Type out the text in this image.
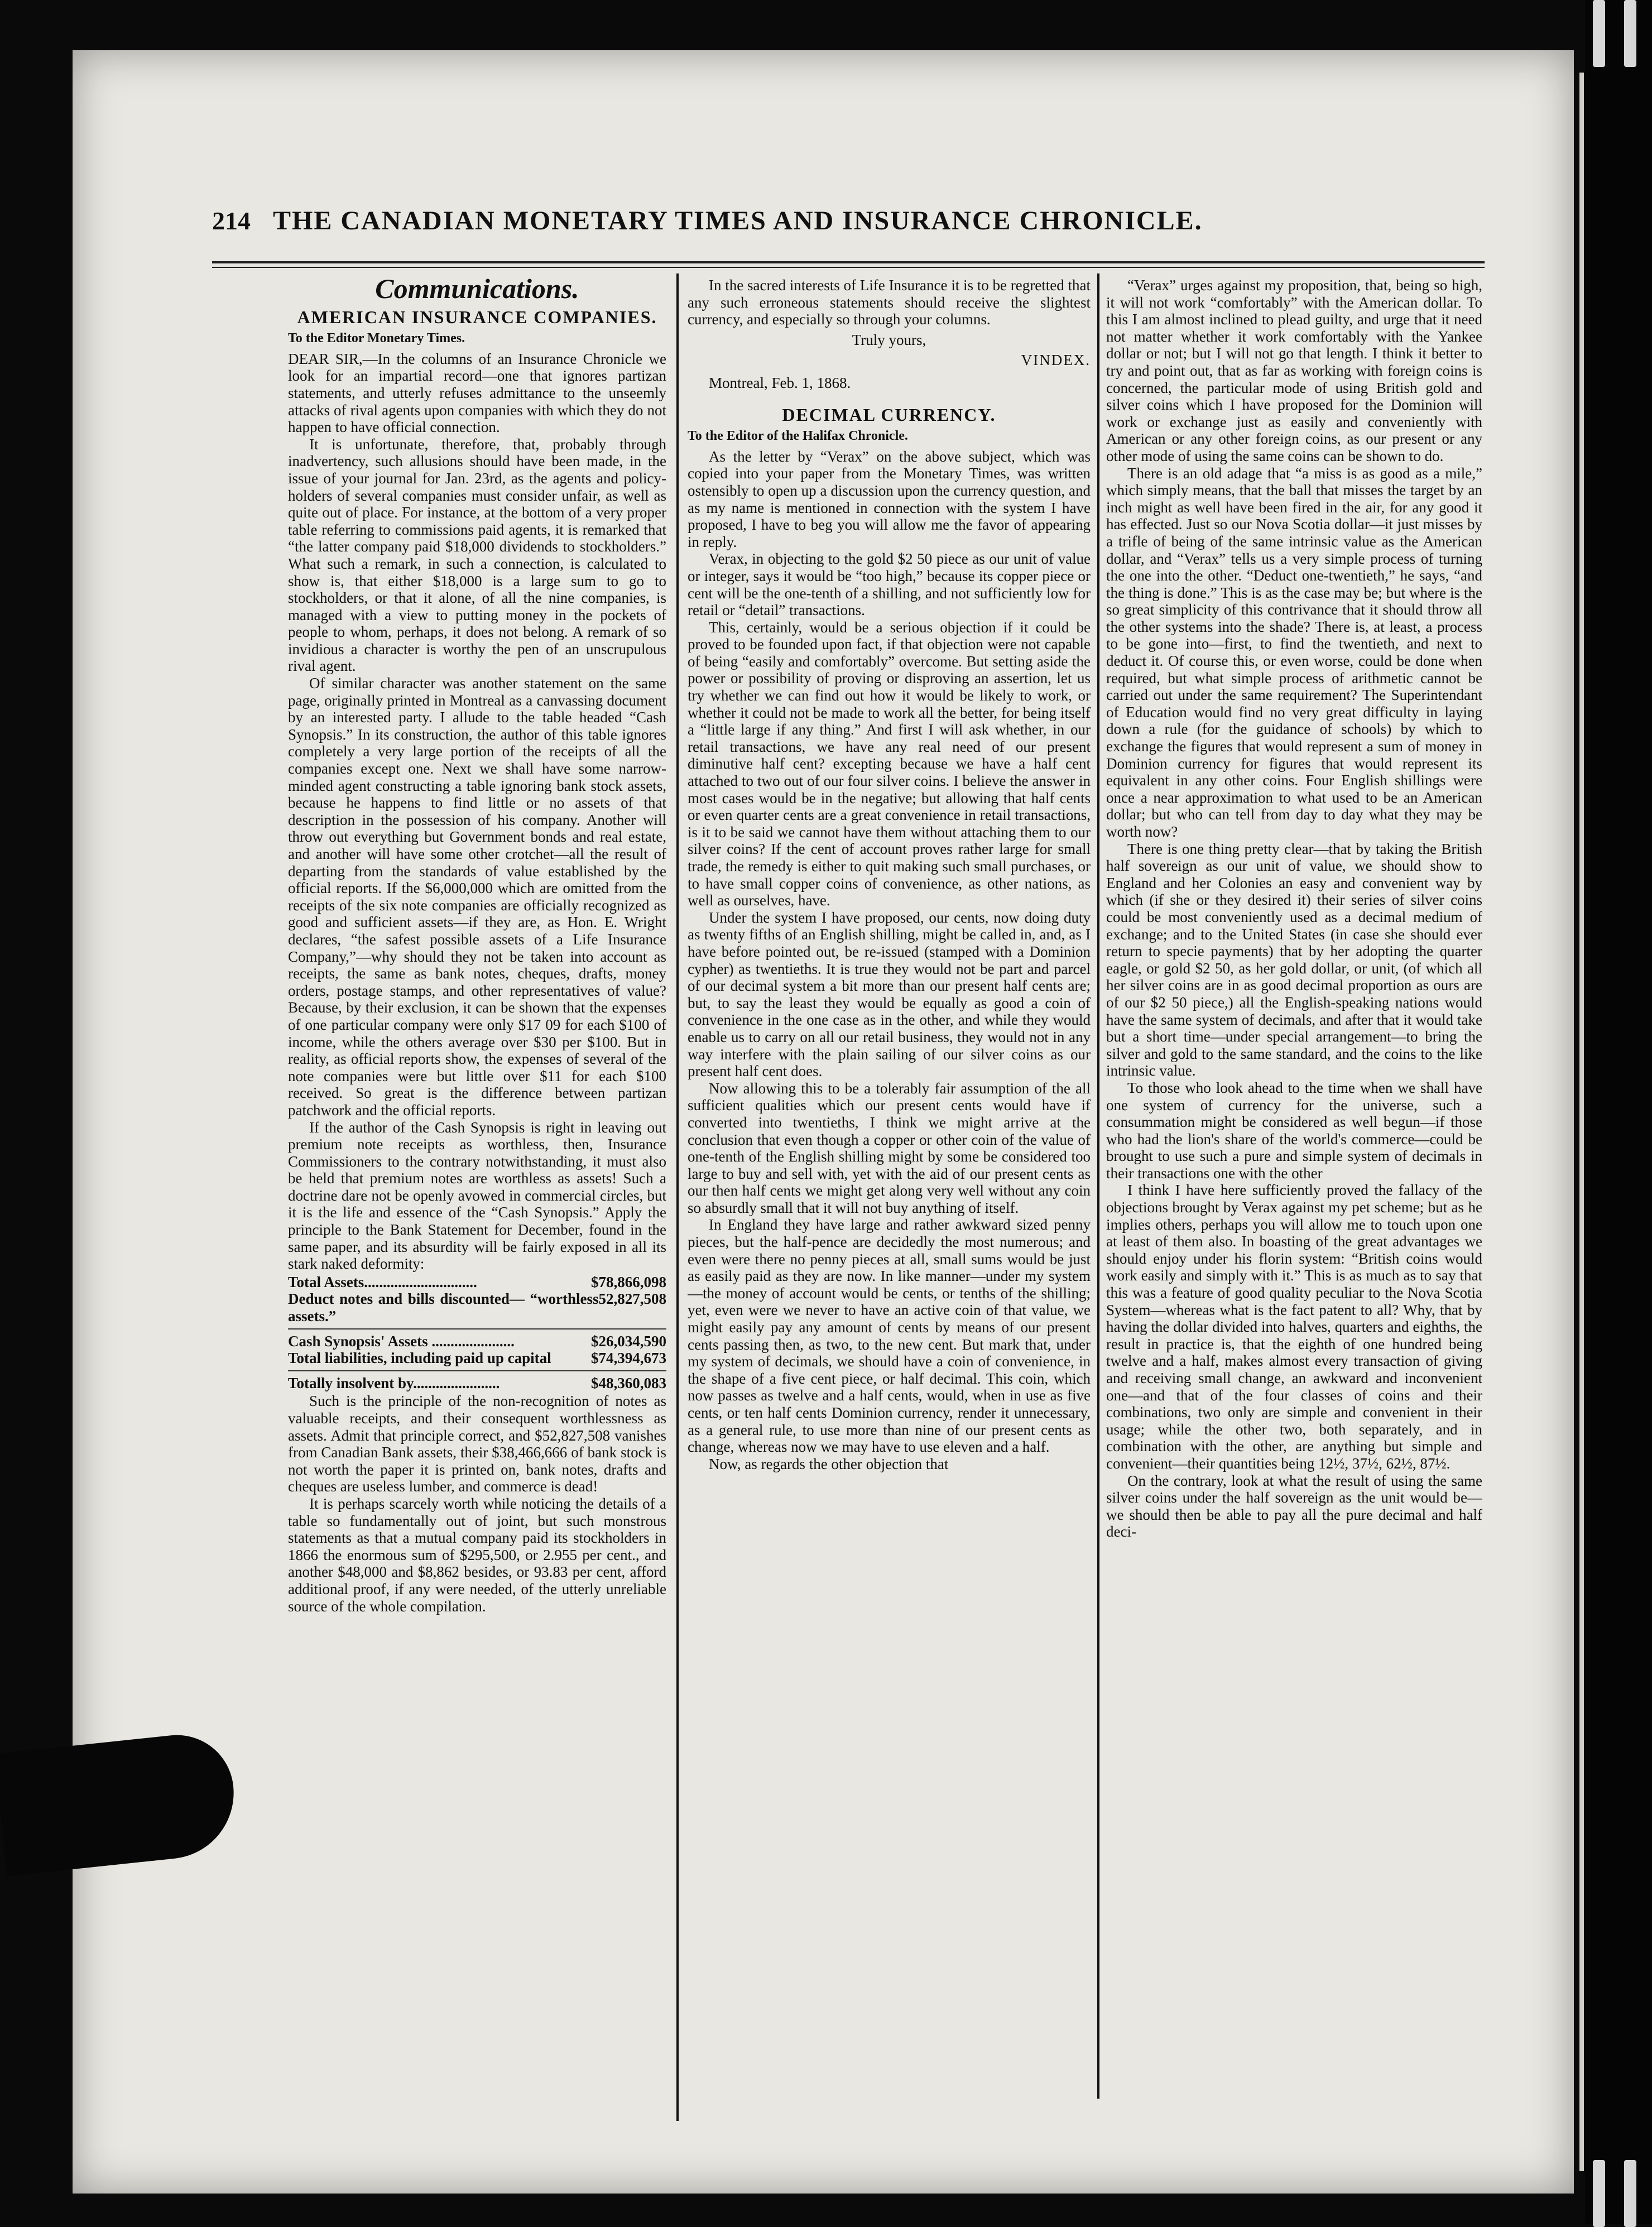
214 THE CANADIAN MONETARY TIMES AND INSURANCE CHRONICLE.
Communications.
AMERICAN INSURANCE COMPANIES.
To the Editor Monetary Times.

DEAR SIR,—In the columns of an Insurance Chronicle we look for an impartial record—one that ignores partizan statements, and utterly refuses admittance to the unseemly attacks of rival agents upon companies with which they do not happen to have official connection.

It is unfortunate, therefore, that, probably through inadvertency, such allusions should have been made, in the issue of your journal for Jan. 23rd, as the agents and policy-holders of several companies must consider unfair, as well as quite out of place. For instance, at the bottom of a very proper table referring to commissions paid agents, it is remarked that “the latter company paid $18,000 dividends to stockholders.” What such a remark, in such a connection, is calculated to show is, that either $18,000 is a large sum to go to stockholders, or that it alone, of all the nine companies, is managed with a view to putting money in the pockets of people to whom, perhaps, it does not belong. A remark of so invidious a character is worthy the pen of an unscrupulous rival agent.

Of similar character was another statement on the same page, originally printed in Montreal as a canvassing document by an interested party. I allude to the table headed “Cash Synopsis.” In its construction, the author of this table ignores completely a very large portion of the receipts of all the companies except one. Next we shall have some narrow-minded agent constructing a table ignoring bank stock assets, because he happens to find little or no assets of that description in the possession of his company. Another will throw out everything but Government bonds and real estate, and another will have some other crotchet—all the result of departing from the standards of value established by the official reports. If the $6,000,000 which are omitted from the receipts of the six note companies are officially recognized as good and sufficient assets—if they are, as Hon. E. Wright declares, “the safest possible assets of a Life Insurance Company,”—why should they not be taken into account as receipts, the same as bank notes, cheques, drafts, money orders, postage stamps, and other representatives of value? Because, by their exclusion, it can be shown that the expenses of one particular company were only $17 09 for each $100 of income, while the others average over $30 per $100. But in reality, as official reports show, the expenses of several of the note companies were but little over $11 for each $100 received. So great is the difference between partizan patchwork and the official reports.

If the author of the Cash Synopsis is right in leaving out premium note receipts as worthless, then, Insurance Commissioners to the contrary notwithstanding, it must also be held that premium notes are worthless as assets! Such a doctrine dare not be openly avowed in commercial circles, but it is the life and essence of the “Cash Synopsis.” Apply the principle to the Bank Statement for December, found in the same paper, and its absurdity will be fairly exposed in all its stark naked deformity:

Total Assets..............................	$78,866,098
Deduct notes and bills discounted— “worthless assets.”
52,827,508
Cash Synopsis' Assets ......................	$26,034,590
Total liabilities, including paid up capital	$74,394,673
Totally insolvent by.......................	$48,360,083

Such is the principle of the non-recognition of notes as valuable receipts, and their consequent worthlessness as assets. Admit that principle correct, and $52,827,508 vanishes from Canadian Bank assets, their $38,466,666 of bank stock is not worth the paper it is printed on, bank notes, drafts and cheques are useless lumber, and commerce is dead!

It is perhaps scarcely worth while noticing the details of a table so fundamentally out of joint, but such monstrous statements as that a mutual company paid its stockholders in 1866 the enormous sum of $295,500, or 2.955 per cent., and another $48,000 and $8,862 besides, or 93.83 per cent, afford additional proof, if any were needed, of the utterly unreliable source of the whole compilation.

In the sacred interests of Life Insurance it is to be regretted that any such erroneous statements should receive the slightest currency, and especially so through your columns.

Truly yours,
VINDEX.
Montreal, Feb. 1, 1868.
DECIMAL CURRENCY.
To the Editor of the Halifax Chronicle.

As the letter by “Verax” on the above subject, which was copied into your paper from the Monetary Times, was written ostensibly to open up a discussion upon the currency question, and as my name is mentioned in connection with the system I have proposed, I have to beg you will allow me the favor of appearing in reply.

Verax, in objecting to the gold $2 50 piece as our unit of value or integer, says it would be “too high,” because its copper piece or cent will be the one-tenth of a shilling, and not sufficiently low for retail or “detail” transactions.

This, certainly, would be a serious objection if it could be proved to be founded upon fact, if that objection were not capable of being “easily and comfortably” overcome. But setting aside the power or possibility of proving or disproving an assertion, let us try whether we can find out how it would be likely to work, or whether it could not be made to work all the better, for being itself a “little large if any thing.” And first I will ask whether, in our retail transactions, we have any real need of our present diminutive half cent? excepting because we have a half cent attached to two out of our four silver coins. I believe the answer in most cases would be in the negative; but allowing that half cents or even quarter cents are a great convenience in retail transactions, is it to be said we cannot have them without attaching them to our silver coins? If the cent of account proves rather large for small trade, the remedy is either to quit making such small purchases, or to have small copper coins of convenience, as other nations, as well as ourselves, have.

Under the system I have proposed, our cents, now doing duty as twenty fifths of an English shilling, might be called in, and, as I have before pointed out, be re-issued (stamped with a Dominion cypher) as twentieths. It is true they would not be part and parcel of our decimal system a bit more than our present half cents are; but, to say the least they would be equally as good a coin of convenience in the one case as in the other, and while they would enable us to carry on all our retail business, they would not in any way interfere with the plain sailing of our silver coins as our present half cent does.

Now allowing this to be a tolerably fair assumption of the all sufficient qualities which our present cents would have if converted into twentieths, I think we might arrive at the conclusion that even though a copper or other coin of the value of one-tenth of the English shilling might by some be considered too large to buy and sell with, yet with the aid of our present cents as our then half cents we might get along very well without any coin so absurdly small that it will not buy anything of itself.

In England they have large and rather awkward sized penny pieces, but the half-pence are decidedly the most numerous; and even were there no penny pieces at all, small sums would be just as easily paid as they are now. In like manner—under my system—the money of account would be cents, or tenths of the shilling; yet, even were we never to have an active coin of that value, we might easily pay any amount of cents by means of our present cents passing then, as two, to the new cent. But mark that, under my system of decimals, we should have a coin of convenience, in the shape of a five cent piece, or half decimal. This coin, which now passes as twelve and a half cents, would, when in use as five cents, or ten half cents Dominion currency, render it unnecessary, as a general rule, to use more than nine of our present cents as change, whereas now we may have to use eleven and a half.

Now, as regards the other objection that

“Verax” urges against my proposition, that, being so high, it will not work “comfortably” with the American dollar. To this I am almost inclined to plead guilty, and urge that it need not matter whether it work comfortably with the Yankee dollar or not; but I will not go that length. I think it better to try and point out, that as far as working with foreign coins is concerned, the particular mode of using British gold and silver coins which I have proposed for the Dominion will work or exchange just as easily and conveniently with American or any other foreign coins, as our present or any other mode of using the same coins can be shown to do.

There is an old adage that “a miss is as good as a mile,” which simply means, that the ball that misses the target by an inch might as well have been fired in the air, for any good it has effected. Just so our Nova Scotia dollar—it just misses by a trifle of being of the same intrinsic value as the American dollar, and “Verax” tells us a very simple process of turning the one into the other. “Deduct one-twentieth,” he says, “and the thing is done.” This is as the case may be; but where is the so great simplicity of this contrivance that it should throw all the other systems into the shade? There is, at least, a process to be gone into—first, to find the twentieth, and next to deduct it. Of course this, or even worse, could be done when required, but what simple process of arithmetic cannot be carried out under the same requirement? The Superintendant of Education would find no very great difficulty in laying down a rule (for the guidance of schools) by which to exchange the figures that would represent a sum of money in Dominion currency for figures that would represent its equivalent in any other coins. Four English shillings were once a near approximation to what used to be an American dollar; but who can tell from day to day what they may be worth now?

There is one thing pretty clear—that by taking the British half sovereign as our unit of value, we should show to England and her Colonies an easy and convenient way by which (if she or they desired it) their series of silver coins could be most conveniently used as a decimal medium of exchange; and to the United States (in case she should ever return to specie payments) that by her adopting the quarter eagle, or gold $2 50, as her gold dollar, or unit, (of which all her silver coins are in as good decimal proportion as ours are of our $2 50 piece,) all the English-speaking nations would have the same system of decimals, and after that it would take but a short time—under special arrangement—to bring the silver and gold to the same standard, and the coins to the like intrinsic value.

To those who look ahead to the time when we shall have one system of currency for the universe, such a consummation might be considered as well begun—if those who had the lion's share of the world's commerce—could be brought to use such a pure and simple system of decimals in their transactions one with the other

I think I have here sufficiently proved the fallacy of the objections brought by Verax against my pet scheme; but as he implies others, perhaps you will allow me to touch upon one at least of them also. In boasting of the great advantages we should enjoy under his florin system: “British coins would work easily and simply with it.” This is as much as to say that this was a feature of good quality peculiar to the Nova Scotia System—whereas what is the fact patent to all? Why, that by having the dollar divided into halves, quarters and eighths, the result in practice is, that the eighth of one hundred being twelve and a half, makes almost every transaction of giving and receiving small change, an awkward and inconvenient one—and that of the four classes of coins and their combinations, two only are simple and convenient in their usage; while the other two, both separately, and in combination with the other, are anything but simple and convenient—their quantities being 12½, 37½, 62½, 87½.

On the contrary, look at what the result of using the same silver coins under the half sovereign as the unit would be—we should then be able to pay all the pure decimal and half deci-
